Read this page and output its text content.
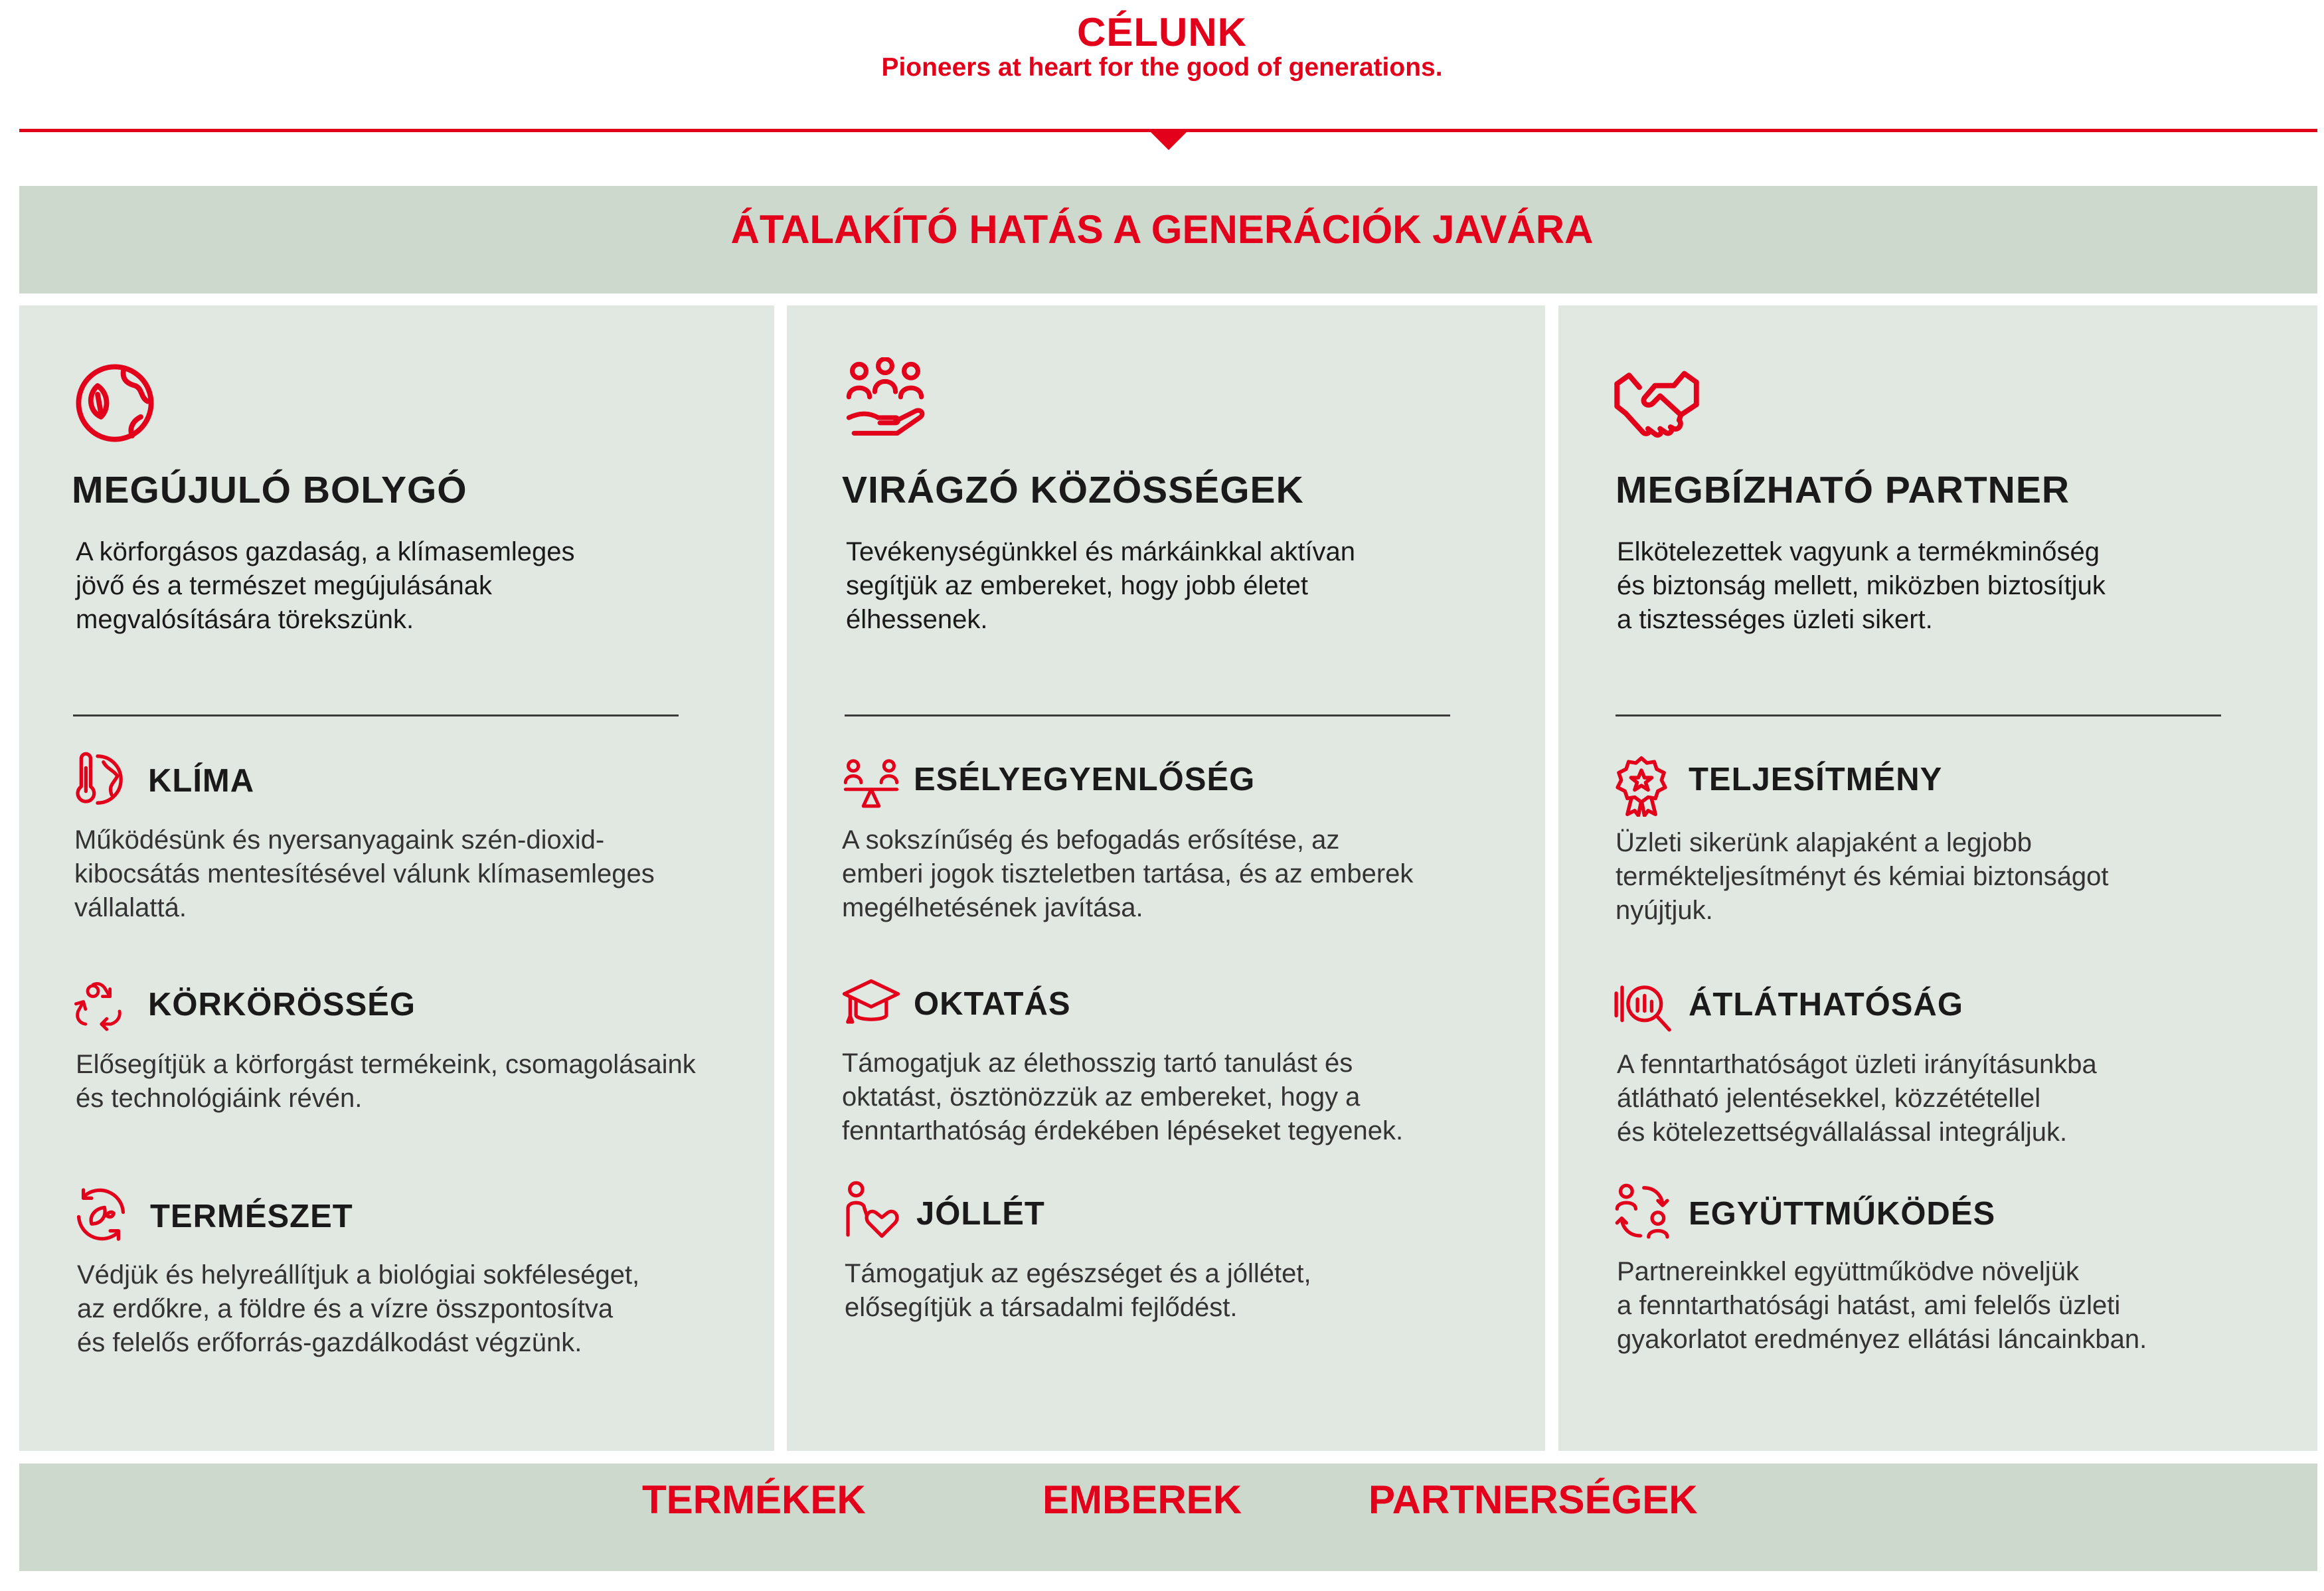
CÉLUNK
Pioneers at heart for the good of generations.
ÁTALAKÍTÓ HATÁS A GENERÁCIÓK JAVÁRA
MEGÚJULÓ BOLYGÓ
A körforgásos gazdaság, a klímasemleges
jövő és a természet megújulásának
megvalósítására törekszünk.
KLÍMA
Működésünk és nyersanyagaink szén-dioxid-
kibocsátás mentesítésével válunk klímasemleges
vállalattá.
KÖRKÖRÖSSÉG
Elősegítjük a körforgást termékeink, csomagolásaink
és technológiáink révén.
TERMÉSZET
Védjük és helyreállítjuk a biológiai sokféleséget,
az erdőkre, a földre és a vízre összpontosítva
és felelős erőforrás-gazdálkodást végzünk.
VIRÁGZÓ KÖZÖSSÉGEK
Tevékenységünkkel és márkáinkkal aktívan
segítjük az embereket, hogy jobb életet
élhessenek.
ESÉLYEGYENLŐSÉG
A sokszínűség és befogadás erősítése, az
emberi jogok tiszteletben tartása, és az emberek
megélhetésének javítása.
OKTATÁS
Támogatjuk az élethosszig tartó tanulást és
oktatást, ösztönözzük az embereket, hogy a
fenntarthatóság érdekében lépéseket tegyenek.
JÓLLÉT
Támogatjuk az egészséget és a jóllétet,
elősegítjük a társadalmi fejlődést.
MEGBÍZHATÓ PARTNER
Elkötelezettek vagyunk a termékminőség
és biztonság mellett, miközben biztosítjuk
a tisztességes üzleti sikert.
TELJESÍTMÉNY
Üzleti sikerünk alapjaként a legjobb
termékteljesítményt és kémiai biztonságot
nyújtjuk.
ÁTLÁTHATÓSÁG
A fenntarthatóságot üzleti irányításunkba
átlátható jelentésekkel, közzététellel
és kötelezettségvállalással integráljuk.
EGYÜTTMŰKÖDÉS
Partnereinkkel együttműködve növeljük
a fenntarthatósági hatást, ami felelős üzleti
gyakorlatot eredményez ellátási láncainkban.
TERMÉKEK	EMBEREK	PARTNERSÉGEK
